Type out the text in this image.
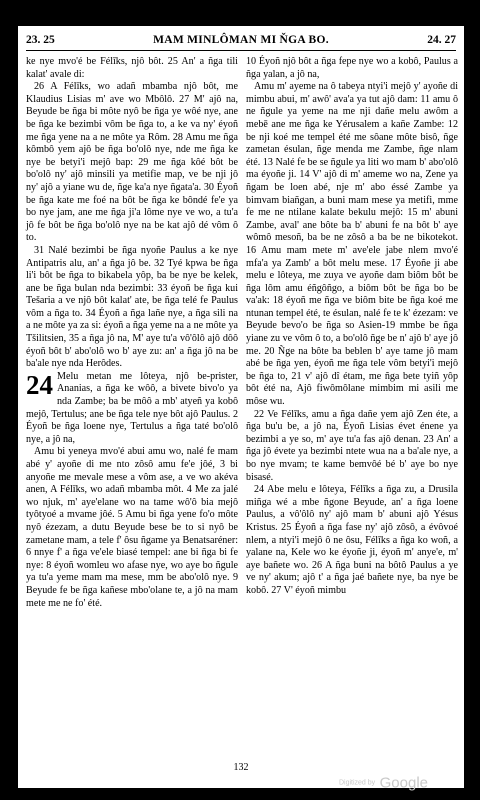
23. 25	MAM MINLÔMAN MI ŇGA BO.	24. 27

ke nye mvo'é be Félīks, njô bôt. 25 An' a ñga tili kalat' avale di:

26 A Félīks, wo adañ mbamba njô bôt, me Klaudius Lisias m' ave wo Mbôlô. 27 M' ajô na, Beyude be ñga bi môte nyô be ñga ye wôé nye, ane be ñga ke bezimbi vôm be ñga to, a ke va ny' éyoñ me ñga yene na a ne môte ya Rôm. 28 Amu me ñga kômbô yem ajô be ñga bo'olô nye, nde me ñga ke nye be betyi'i mejô bap: 29 me ñga kôé bôt be bo'olô ny' ajô minsili ya metifie map, ve be nji jô ny' ajô a yiane wu de, ñge ka'a nye ñgata'a. 30 Éyoñ be ñga kate me foé na bôt be ñga ke bôndé fe'e ya bo nye jam, ane me ñga ji'a lôme nye ve wo, a tu'a jô fe bôt be ñga bo'olô nye na be kat ajô dé vôm ô to.

31 Nalé bezimbi be ñga nyoñe Paulus a ke nye Antipatris alu, an' a ñga jô be. 32 Tyé kpwa be ñga li'i bôt be ñga to bikabela yôp, ba be nye be kelek, ane be ñga bulan nda bezimbi: 33 éyoñ be ñga kui Tešaria a ve njô bôt kalat' ate, be ñga telé fe Paulus vôm a ñga to. 34 Éyoñ a ñga lañe nye, a ñga sili na a ne môte ya za si: éyoñ a ñga yeme na a ne môte ya Tšilitsien, 35 a ñga jô na, M' aye tu'a vô'ôlô ajô dôô éyoñ bôt b' abo'olô wo b' aye zu: an' a ñga jô na be ba'ale nye nda Herôdes.

24 Melu metan me lôteya, njô be-prister, Ananias, a ñga ke wôô, a bivete bivo'o ya nda Zambe; ba be môô a mb' atyeñ ya kobô mejô, Tertulus; ane be ñga tele nye bôt ajô Paulus. 2 Éyoñ be ñga loene nye, Tertulus a ñga taté bo'olô nye, a jô na,

Amu bi yeneya mvo'é abui amu wo, nalé fe mam abé y' ayoñe di me nto zôsô amu fe'e jôé, 3 bi anyoñe me mevale mese a vôm ase, a ve wo akéva anen, A Félīks, wo adañ mbamba môt. 4 Me za jalé wo njuk, m' aye'elane wo na tame wô'ô bia mejô tyôtyoé a mvame jôé. 5 Amu bi ñga yene fo'o môte nyô ézezam, a dutu Beyude bese be to si nyô be zametane mam, a tele f' ôsu ñgame ya Benatsaréner: 6 nnye f' a ñga ve'ele biasé tempel: ane bi ñga bi fe nye: 8 éyoñ womleu wo afase nye, wo aye bo ñgule ya tu'a yeme mam ma mese, mm be abo'olô nye. 9 Beyude fe be ñga kañese mbo'olane te, a jô na mam mete me ne fo' été.

10 Éyoñ njô bôt a ñga fepe nye wo a kobô, Paulus a ñga yalan, a jô na,

Amu m' ayeme na ô tabeya ntyi'i mejô y' ayoñe di mimbu abui, m' awô' ava'a ya tut ajô dam: 11 amu ô ne ñgule ya yeme na me nji dañe melu awôm a mebē ane me ñga ke Yérusalem a kañe Zambe: 12 be nji koé me tempel été me sôane môte bisô, ñge zametan ésulan, ñge menda me Zambe, ñge nlam été. 13 Nalé fe be se ñgule ya liti wo mam b' abo'olô ma éyoñe ji. 14 V' ajô di m' ameme wo na, Zene ya ñgam be loen abé, nje m' abo éssé Zambe ya bimvam biañgan, a buni mam mese ya metifi, mme fe me ne ntilane kalate bekulu mejô: 15 m' abuni Zambe, aval' ane bôte ba b' abuni fe na bôt b' aye wômô mesoñ, ba be ne zôsô a ba be ne bikotekot. 16 Amu mam mete m' ave'ele jabe nlem mvo'é mfa'a ya Zamb' a bôt melu mese. 17 Éyoñe ji abe melu e lôteya, me zuya ve ayoñe dam biôm bôt be ñga lôm amu éñgôñgo, a biôm bôt be ñga bo be va'ak: 18 éyoñ me ñga ve biôm bite be ñga koé me ntunan tempel été, te ésulan, nalé fe te k' ézezam: ve Beyude bevo'o be ñga so Asien-19 mmbe be ñga yiane zu ve vôm ô to, a bo'olô ñge be n' ajô b' aye jô me. 20 Ñge na bôte ba beblen b' aye tame jô mam abé be ñga yen, éyoñ me ñga tele vôm betyi'i mejô be ñga to, 21 v' ajô dî étam, me ñga bete tyiñ yôp bôt été na, Ajô fiwômôlane mimbim mi asili me môse wu.

22 Ve Félīks, amu a ñga dañe yem ajô Zen éte, a ñga bu'u be, a jô na, Éyoñ Lisias évet énene ya bezimbi a ye so, m' aye tu'a fas ajô denan. 23 An' a ñga jô évete ya bezimbi ntete wua na a ba'ale nye, a bo nye mvam; te kame bemvôé bé b' aye bo nye bisasé.

24 Abe melu e lôteya, Félīks a ñga zu, a Drusila miñga wé a mbe ñgone Beyude, an' a ñga loene Paulus, a vô'ôlô ny' ajô mam b' abuni ajô Yésus Kristus. 25 Éyoñ a ñga fase ny' ajô zôsô, a évôvoé nlem, a ntyi'i mejô ô ne ôsu, Félīks a ñga ko woñ, a yalane na, Kele wo ke éyoñe ji, éyoñ m' anye'e, m' aye bañete wo. 26 A ñga buni na bôtô Paulus a ye ve ny' akum; ajô t' a ñga jaé bañete nye, ba nye be kobô. 27 V' éyoñ mimbu

132
Digitized by Google
